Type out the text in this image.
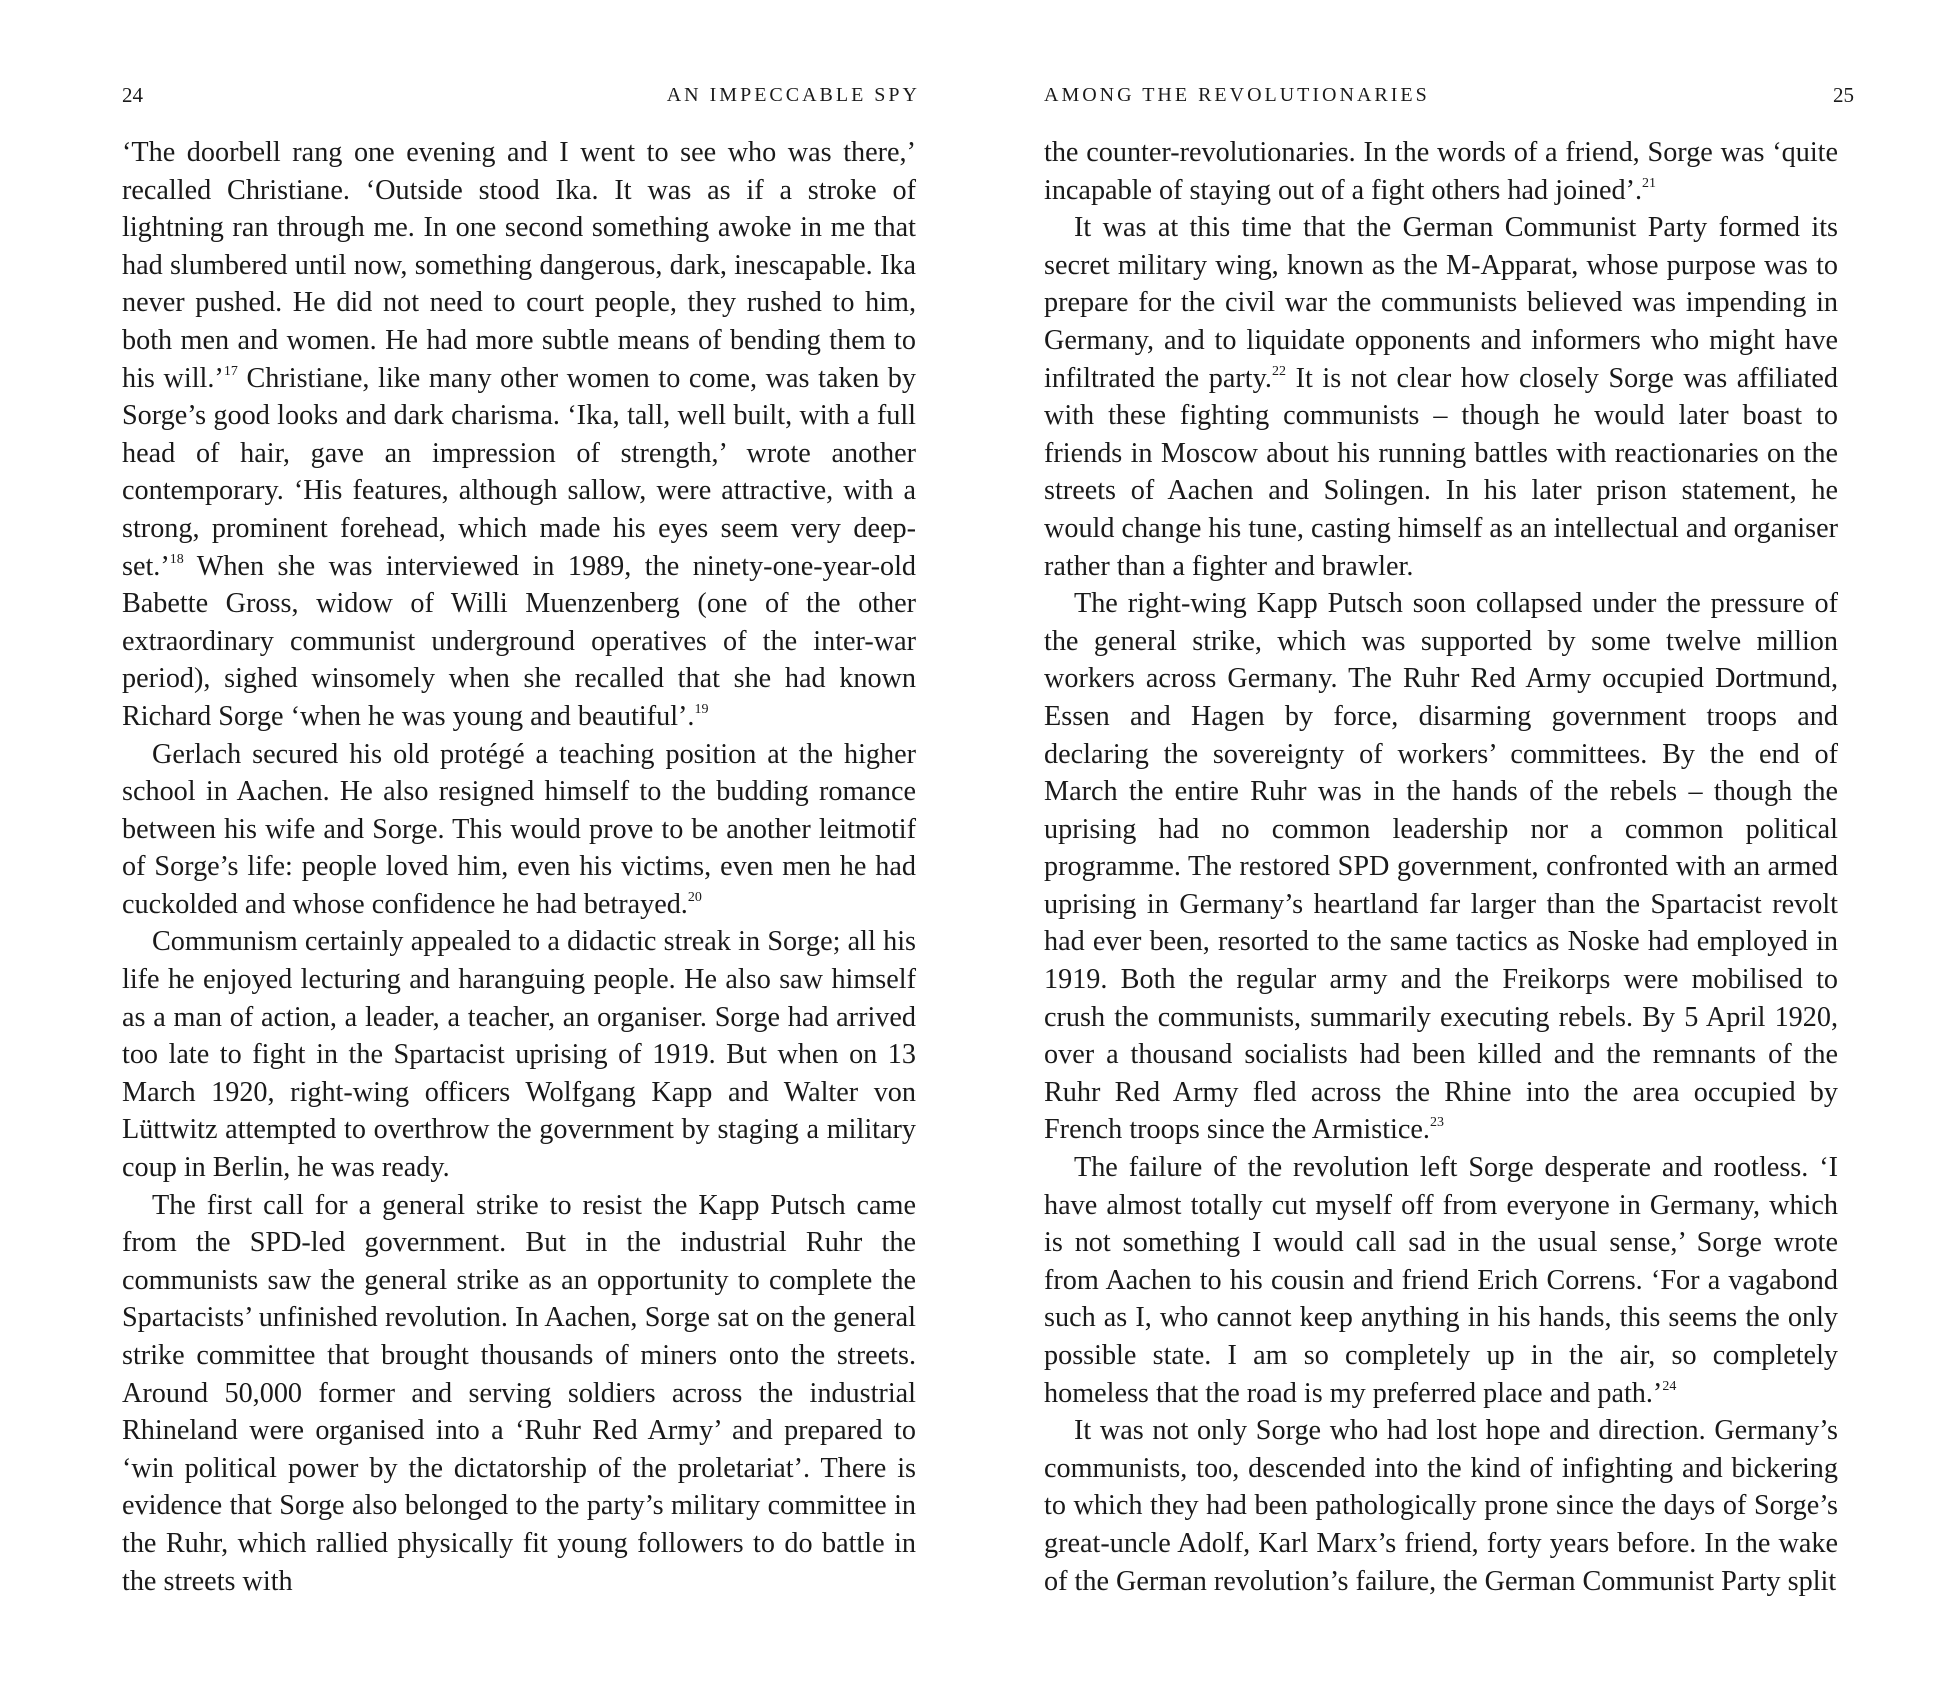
24	AN IMPECCABLE SPY

‘The doorbell rang one evening and I went to see who was there,’ recalled Christiane. ‘Outside stood Ika. It was as if a stroke of lightning ran through me. In one second something awoke in me that had slumbered until now, something dangerous, dark, inescapable. Ika never pushed. He did not need to court people, they rushed to him, both men and women. He had more subtle means of bending them to his will.’$^{17}$ Christiane, like many other women to come, was taken by Sorge’s good looks and dark charisma. ‘Ika, tall, well built, with a full head of hair, gave an impression of strength,’ wrote another contemporary. ‘His features, although sallow, were attractive, with a strong, prominent forehead, which made his eyes seem very deep-set.’$^{18}$ When she was interviewed in 1989, the ninety-one-year-old Babette Gross, widow of Willi Muenzenberg (one of the other extraordinary communist underground operatives of the inter-war period), sighed winsomely when she recalled that she had known Richard Sorge ‘when he was young and beautiful’.$^{19}$

Gerlach secured his old protégé a teaching position at the higher school in Aachen. He also resigned himself to the budding romance between his wife and Sorge. This would prove to be another leitmotif of Sorge’s life: people loved him, even his victims, even men he had cuckolded and whose confidence he had betrayed.$^{20}$

Communism certainly appealed to a didactic streak in Sorge; all his life he enjoyed lecturing and haranguing people. He also saw himself as a man of action, a leader, a teacher, an organiser. Sorge had arrived too late to fight in the Spartacist uprising of 1919. But when on 13 March 1920, right-wing officers Wolfgang Kapp and Walter von Lüttwitz attempted to overthrow the government by staging a military coup in Berlin, he was ready.

The first call for a general strike to resist the Kapp Putsch came from the SPD-led government. But in the industrial Ruhr the communists saw the general strike as an opportunity to complete the Spartacists’ unfinished revolution. In Aachen, Sorge sat on the general strike committee that brought thousands of miners onto the streets. Around 50,000 former and serving soldiers across the industrial Rhineland were organised into a ‘Ruhr Red Army’ and prepared to ‘win political power by the dictatorship of the proletariat’. There is evidence that Sorge also belonged to the party’s military committee in the Ruhr, which rallied physically fit young followers to do battle in the streets with

AMONG THE REVOLUTIONARIES	25

the counter-revolutionaries. In the words of a friend, Sorge was ‘quite incapable of staying out of a fight others had joined’.$^{21}$

It was at this time that the German Communist Party formed its secret military wing, known as the M-Apparat, whose purpose was to prepare for the civil war the communists believed was impending in Germany, and to liquidate opponents and informers who might have infiltrated the party.$^{22}$ It is not clear how closely Sorge was affiliated with these fighting communists – though he would later boast to friends in Moscow about his running battles with reactionaries on the streets of Aachen and Solingen. In his later prison statement, he would change his tune, casting himself as an intellectual and organiser rather than a fighter and brawler.

The right-wing Kapp Putsch soon collapsed under the pressure of the general strike, which was supported by some twelve million workers across Germany. The Ruhr Red Army occupied Dortmund, Essen and Hagen by force, disarming government troops and declaring the sovereignty of workers’ committees. By the end of March the entire Ruhr was in the hands of the rebels – though the uprising had no common leadership nor a common political programme. The restored SPD government, confronted with an armed uprising in Germany’s heartland far larger than the Spartacist revolt had ever been, resorted to the same tactics as Noske had employed in 1919. Both the regular army and the Freikorps were mobilised to crush the communists, summarily executing rebels. By 5 April 1920, over a thousand socialists had been killed and the remnants of the Ruhr Red Army fled across the Rhine into the area occupied by French troops since the Armistice.$^{23}$

The failure of the revolution left Sorge desperate and rootless. ‘I have almost totally cut myself off from everyone in Germany, which is not something I would call sad in the usual sense,’ Sorge wrote from Aachen to his cousin and friend Erich Correns. ‘For a vagabond such as I, who cannot keep anything in his hands, this seems the only possible state. I am so completely up in the air, so completely homeless that the road is my preferred place and path.’$^{24}$

It was not only Sorge who had lost hope and direction. Germany’s communists, too, descended into the kind of infighting and bickering to which they had been pathologically prone since the days of Sorge’s great-uncle Adolf, Karl Marx’s friend, forty years before. In the wake of the German revolution’s failure, the German Communist Party split
